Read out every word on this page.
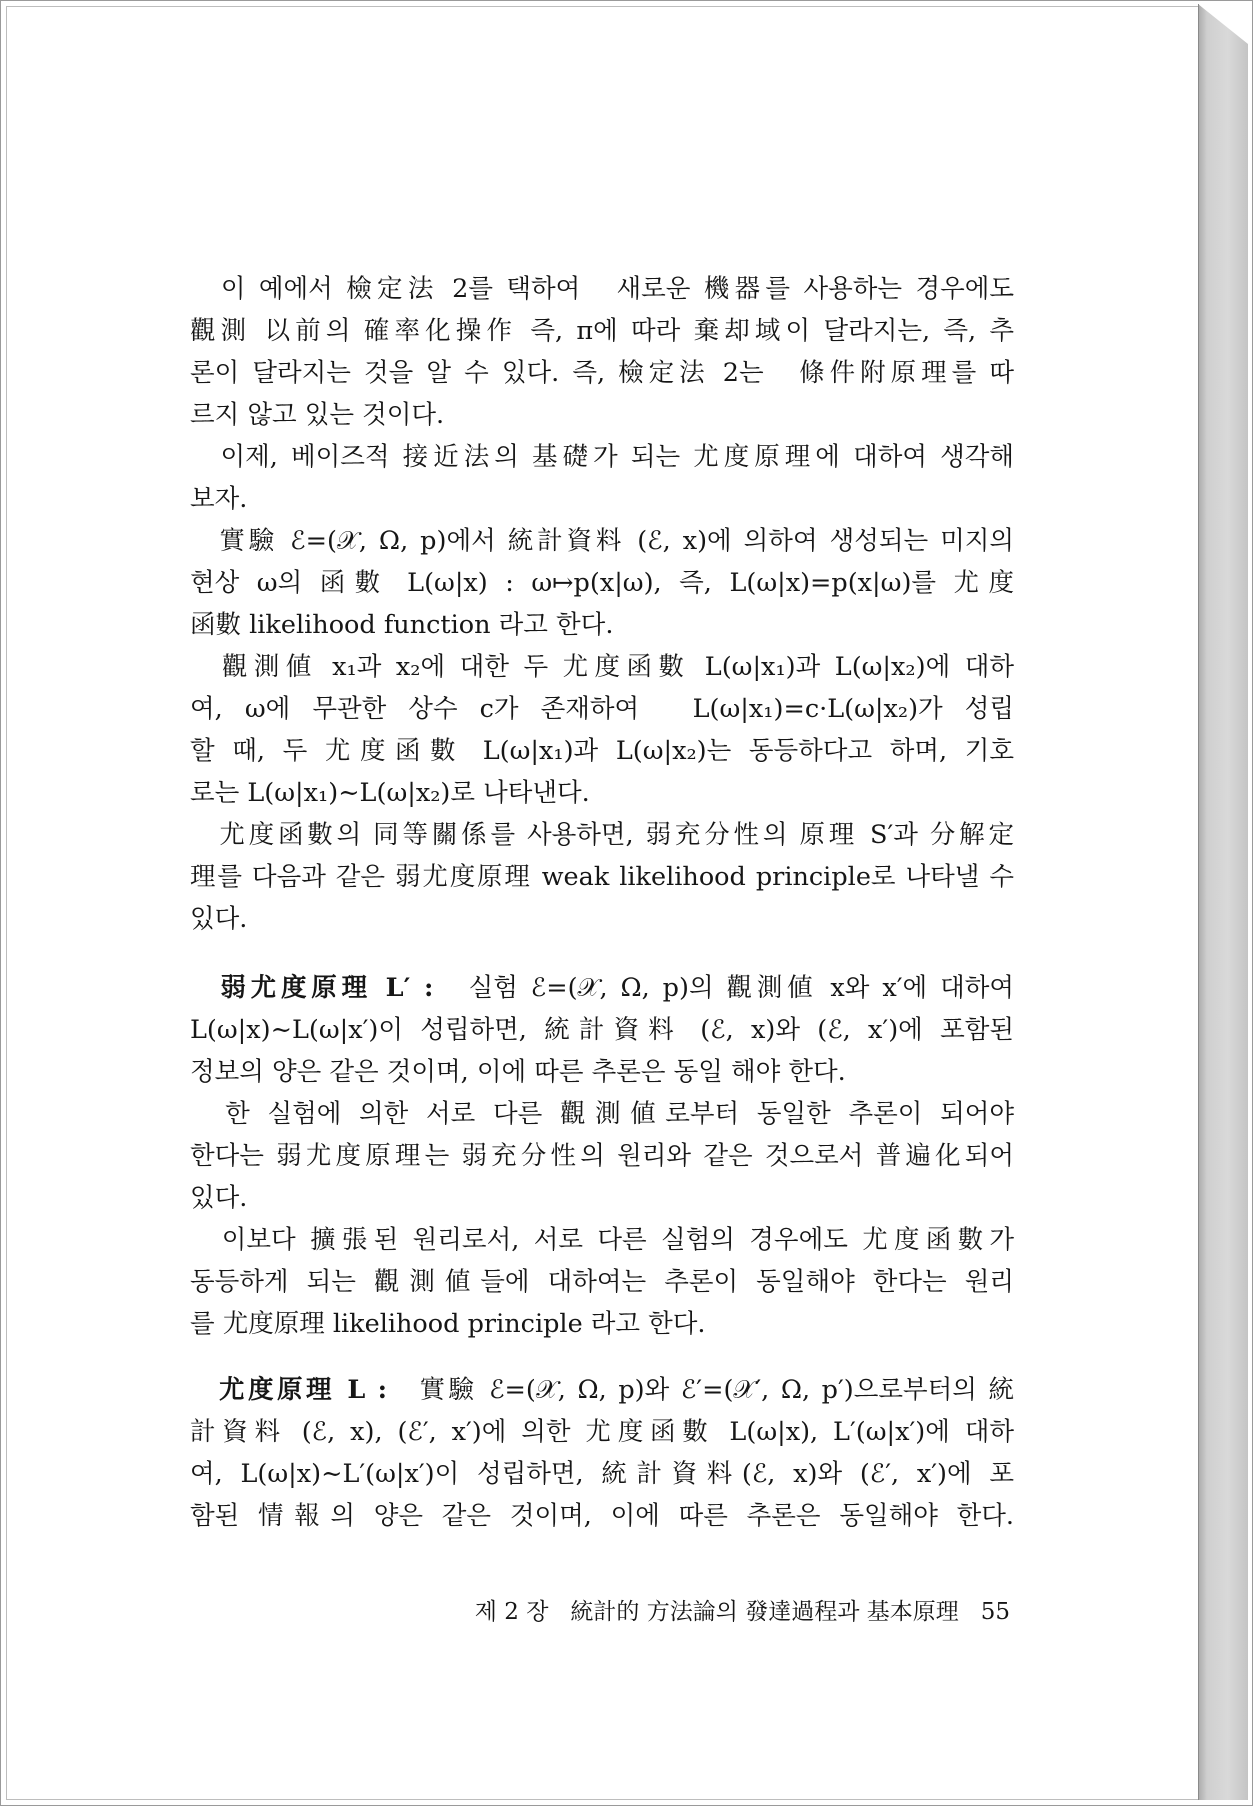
　이 예에서 檢定法 2를 택하여　새로운 機器를 사용하는 경우에도
觀測 以前의 確率化操作 즉, π에 따라 棄却域이 달라지는, 즉, 추
론이 달라지는 것을 알 수 있다. 즉, 檢定法 2는　條件附原理를 따
르지 않고 있는 것이다.
　이제, 베이즈적 接近法의 基礎가 되는 尤度原理에 대하여 생각해
보자.
　實驗 ℰ=(𝒳, Ω, p)에서 統計資料 (ℰ, x)에 의하여 생성되는 미지의
현상 ω의 函數 L(ω|x) : ω↦p(x|ω), 즉, L(ω|x)=p(x|ω)를 尤度
函數 likelihood function 라고 한다.
　觀測値 x₁과 x₂에 대한 두 尤度函數 L(ω|x₁)과 L(ω|x₂)에 대하
여, ω에 무관한 상수 c가 존재하여　L(ω|x₁)=c·L(ω|x₂)가 성립
할 때, 두 尤度函數 L(ω|x₁)과 L(ω|x₂)는 동등하다고 하며, 기호
로는 L(ω|x₁)∼L(ω|x₂)로 나타낸다.
　尤度函數의 同等關係를 사용하면, 弱充分性의 原理 S′과 分解定
理를 다음과 같은 弱尤度原理 weak likelihood principle로 나타낼 수
있다.
　弱尤度原理 L′ :　실험 ℰ=(𝒳, Ω, p)의 觀測値 x와 x′에 대하여
L(ω|x)∼L(ω|x′)이 성립하면, 統計資料 (ℰ, x)와 (ℰ, x′)에 포함된
정보의 양은 같은 것이며, 이에 따른 추론은 동일 해야 한다.
　한 실험에 의한 서로 다른 觀測値로부터 동일한 추론이 되어야
한다는 弱尤度原理는 弱充分性의 원리와 같은 것으로서 普遍化되어
있다.
　이보다 擴張된 원리로서, 서로 다른 실험의 경우에도 尤度函數가
동등하게 되는 觀測値들에 대하여는 추론이 동일해야 한다는 원리
를 尤度原理 likelihood principle 라고 한다.
　尤度原理 L :　實驗 ℰ=(𝒳, Ω, p)와 ℰ′=(𝒳′, Ω, p′)으로부터의 統
計資料 (ℰ, x), (ℰ′, x′)에 의한 尤度函數 L(ω|x), L′(ω|x′)에 대하
여, L(ω|x)∼L′(ω|x′)이 성립하면, 統計資料(ℰ, x)와 (ℰ′, x′)에 포
함된 情報의 양은 같은 것이며, 이에 따른 추론은 동일해야 한다.
제 2 장 統計的 方法論의 發達過程과 基本原理 55
